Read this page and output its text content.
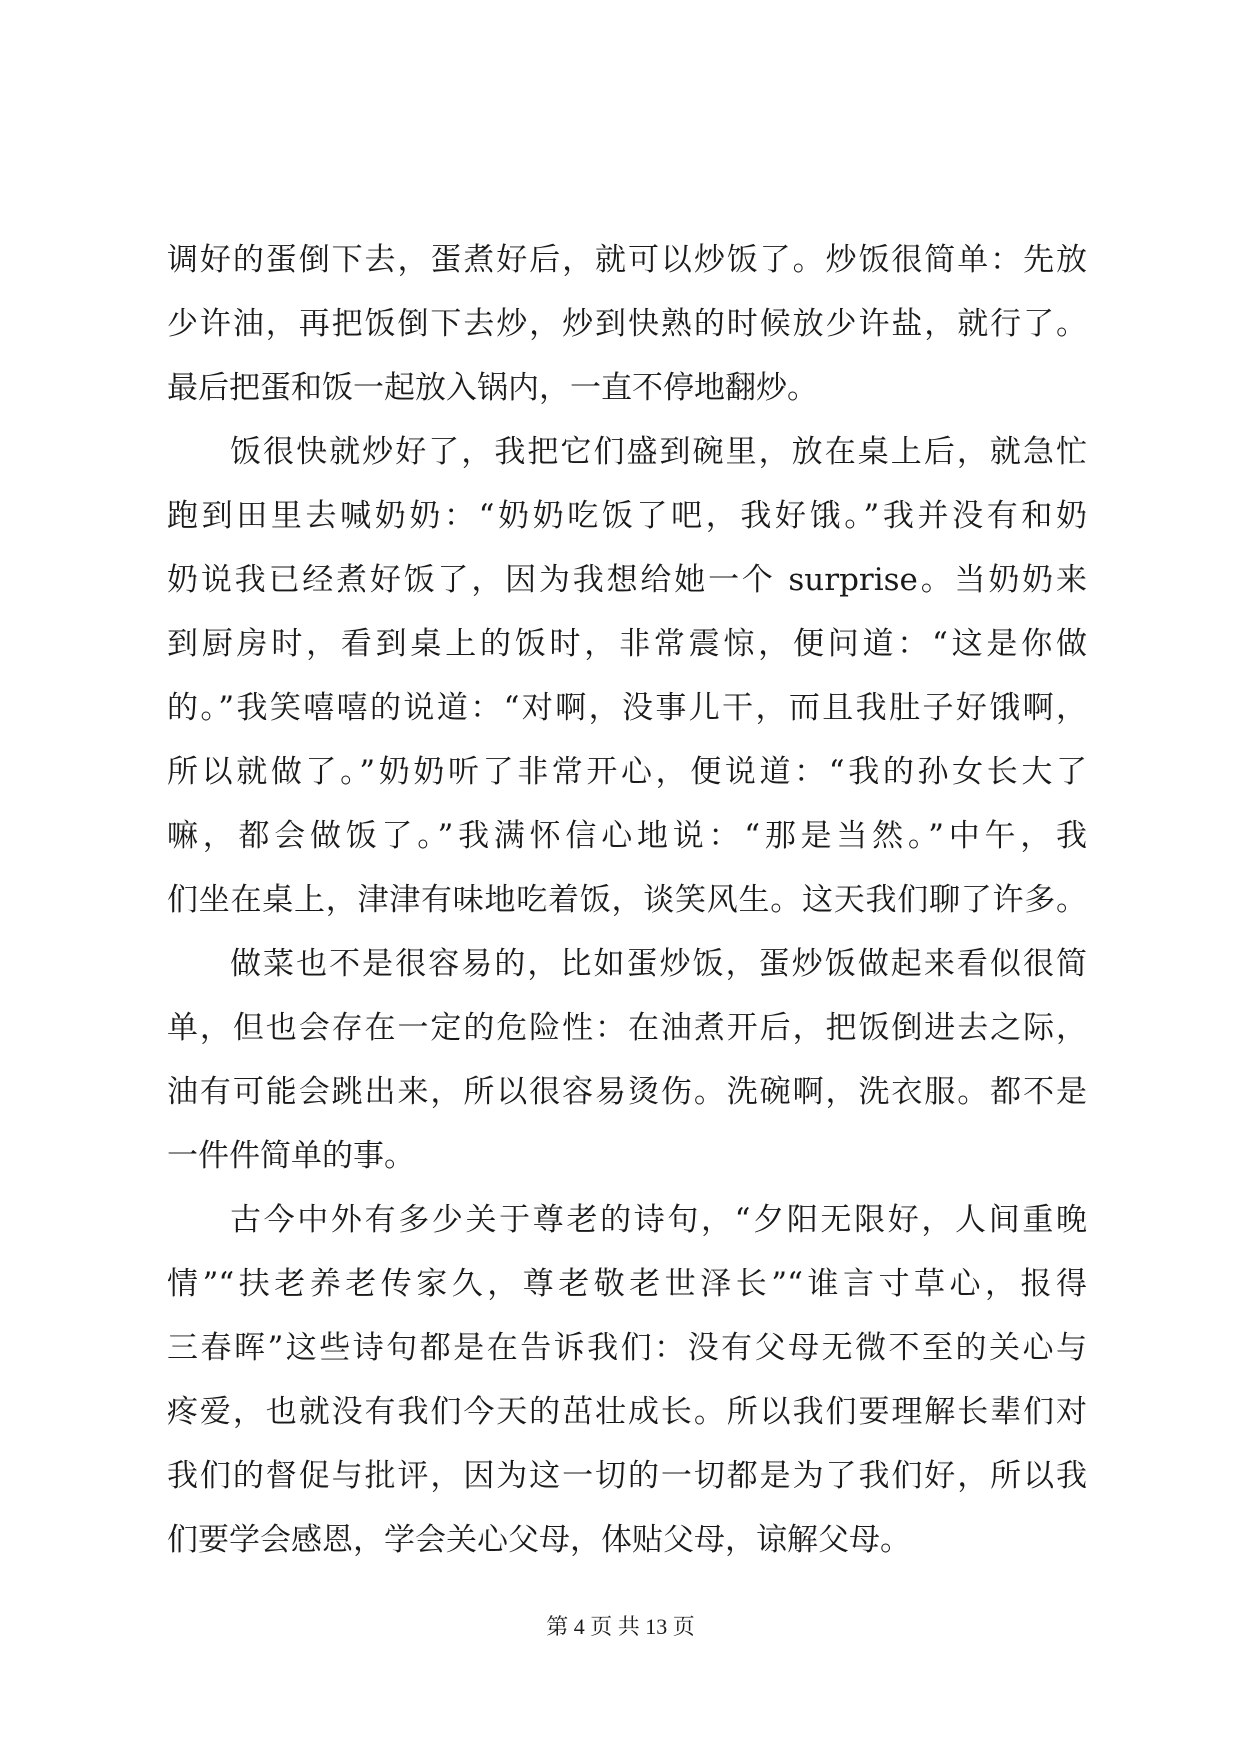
调好的蛋倒下去，蛋煮好后，就可以炒饭了。炒饭很简单：先放
少许油，再把饭倒下去炒，炒到快熟的时候放少许盐，就行了。
最后把蛋和饭一起放入锅内，一直不停地翻炒。
饭很快就炒好了，我把它们盛到碗里，放在桌上后，就急忙
跑到田里去喊奶奶：“奶奶吃饭了吧，我好饿。”我并没有和奶
奶说我已经煮好饭了，因为我想给她一个 surprise。当奶奶来
到厨房时，看到桌上的饭时，非常震惊，便问道：“这是你做
的。”我笑嘻嘻的说道：“对啊，没事儿干，而且我肚子好饿啊，
所以就做了。”奶奶听了非常开心，便说道：“我的孙女长大了
嘛，都会做饭了。”我满怀信心地说：“那是当然。”中午，我
们坐在桌上，津津有味地吃着饭，谈笑风生。这天我们聊了许多。
做菜也不是很容易的，比如蛋炒饭，蛋炒饭做起来看似很简
单，但也会存在一定的危险性：在油煮开后，把饭倒进去之际，
油有可能会跳出来，所以很容易烫伤。洗碗啊，洗衣服。都不是
一件件简单的事。
古今中外有多少关于尊老的诗句，“夕阳无限好，人间重晚
情”“扶老养老传家久，尊老敬老世泽长”“谁言寸草心，报得
三春晖”这些诗句都是在告诉我们：没有父母无微不至的关心与
疼爱，也就没有我们今天的茁壮成长。所以我们要理解长辈们对
我们的督促与批评，因为这一切的一切都是为了我们好，所以我
们要学会感恩，学会关心父母，体贴父母，谅解父母。
第 4 页 共 13 页
